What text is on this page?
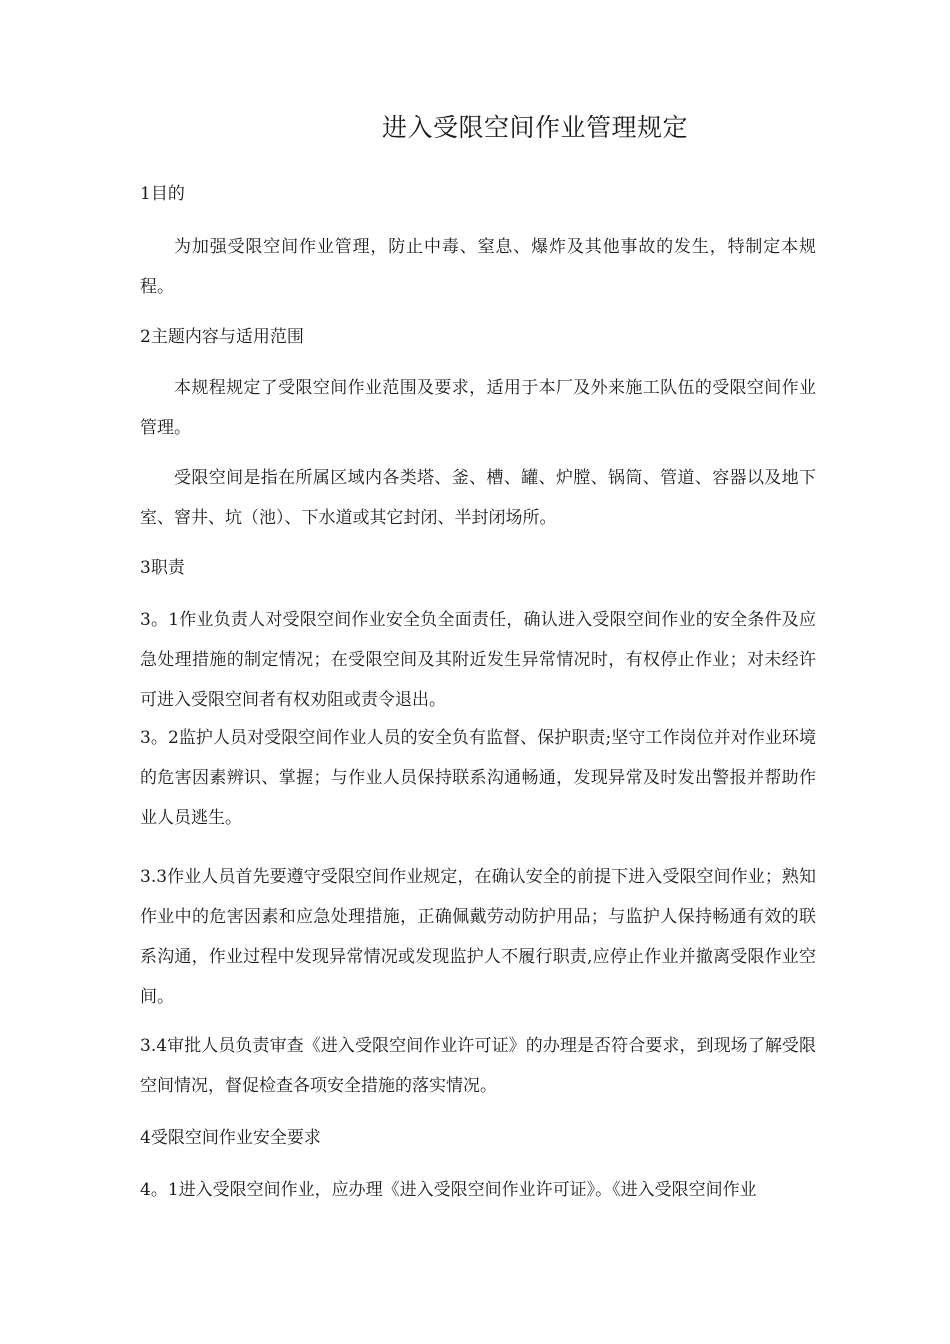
进入受限空间作业管理规定

1目的

为加强受限空间作业管理，防止中毒、窒息、爆炸及其他事故的发生，特制定本规程。

2主题内容与适用范围

本规程规定了受限空间作业范围及要求，适用于本厂及外来施工队伍的受限空间作业管理。

受限空间是指在所属区域内各类塔、釜、槽、罐、炉膛、锅筒、管道、容器以及地下室、窨井、坑（池）、下水道或其它封闭、半封闭场所。

3职责

3。1作业负责人对受限空间作业安全负全面责任，确认进入受限空间作业的安全条件及应急处理措施的制定情况；在受限空间及其附近发生异常情况时，有权停止作业；对未经许可进入受限空间者有权劝阻或责令退出。

3。2监护人员对受限空间作业人员的安全负有监督、保护职责;坚守工作岗位并对作业环境的危害因素辨识、掌握；与作业人员保持联系沟通畅通，发现异常及时发出警报并帮助作业人员逃生。

3.3作业人员首先要遵守受限空间作业规定，在确认安全的前提下进入受限空间作业；熟知作业中的危害因素和应急处理措施，正确佩戴劳动防护用品；与监护人保持畅通有效的联系沟通，作业过程中发现异常情况或发现监护人不履行职责,应停止作业并撤离受限作业空间。

3.4审批人员负责审查《进入受限空间作业许可证》的办理是否符合要求，到现场了解受限空间情况，督促检查各项安全措施的落实情况。

4受限空间作业安全要求

4。1进入受限空间作业，应办理《进入受限空间作业许可证》。《进入受限空间作业
